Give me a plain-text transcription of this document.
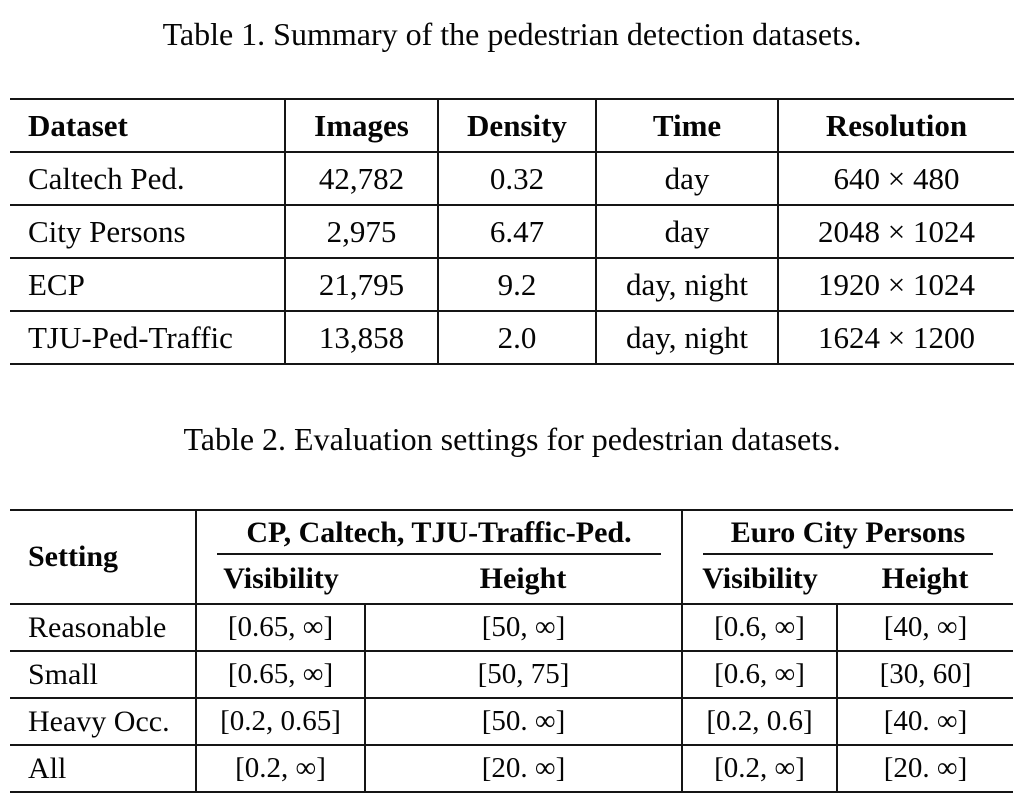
Table 1. Summary of the pedestrian detection datasets.
Dataset	Images	Density	Time	Resolution
Caltech Ped.	42,782	0.32	day	640 × 480
City Persons	2,975	6.47	day	2048 × 1024
ECP	21,795	9.2	day, night	1920 × 1024
TJU-Ped-Traffic	13,858	2.0	day, night	1624 × 1200
Table 2. Evaluation settings for pedestrian datasets.
Setting	CP, Caltech, TJU-Traffic-Ped.		Euro City Persons	
	Visibility	Height	Visibility	Height
Reasonable	[0.65, ∞]	[50, ∞]	[0.6, ∞]	[40, ∞]
Small	[0.65, ∞]	[50, 75]	[0.6, ∞]	[30, 60]
Heavy Occ.	[0.2, 0.65]	[50. ∞]	[0.2, 0.6]	[40. ∞]
All	[0.2, ∞]	[20. ∞]	[0.2, ∞]	[20. ∞]
